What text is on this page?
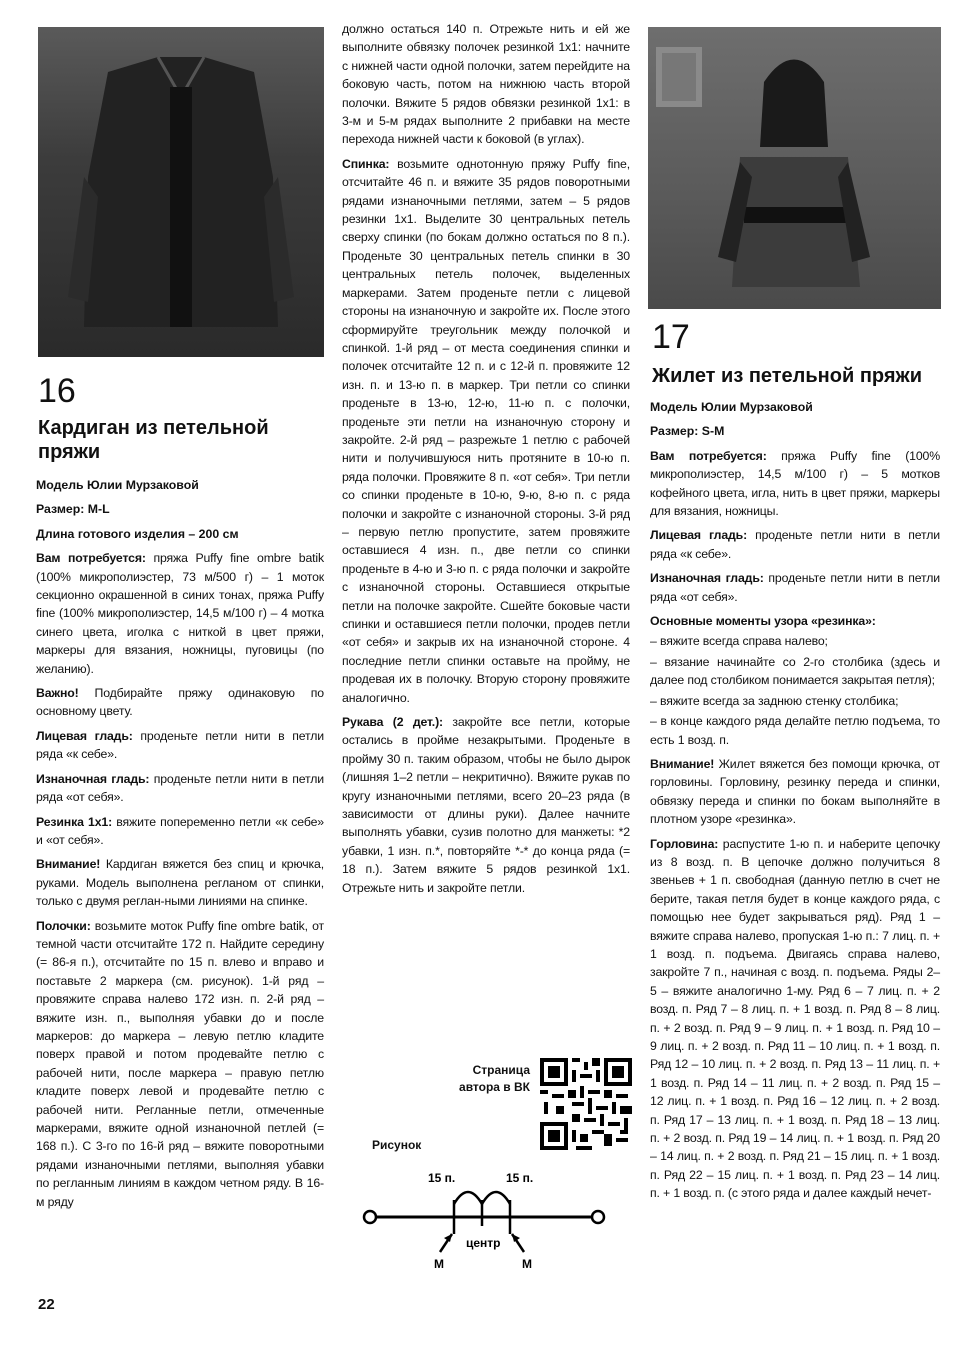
16
Кардиган из петельной пряжи
Модель Юлии Мурзаковой
Размер: M-L
Длина готового изделия – 200 см

Вам потребуется: пряжа Puffy fine ombre batik (100% микрополиэстер, 73 м/500 г) – 1 моток секционно окрашенной в синих тонах, пряжа Puffy fine (100% микрополиэстер, 14,5 м/100 г) – 4 мотка синего цвета, иголка с ниткой в цвет пряжи, маркеры для вязания, ножницы, пуговицы (по желанию).

Важно! Подбирайте пряжу одинаковую по основному цвету.

Лицевая гладь: проденьте петли нити в петли ряда «к себе».

Изнаночная гладь: проденьте петли нити в петли ряда «от себя».

Резинка 1х1: вяжите попеременно петли «к себе» и «от себя».

Внимание! Кардиган вяжется без спиц и крючка, руками. Модель выполнена регланом от спинки, только с двумя реглан-ными линиями на спинке.

Полочки: возьмите моток Puffy fine ombre batik, от темной части отсчитайте 172 п. Найдите середину (= 86-я п.), отсчитайте по 15 п. влево и вправо и поставьте 2 маркера (см. рисунок). 1-й ряд – провяжите справа налево 172 изн. п. 2-й ряд – вяжите изн. п., выполняя убавки до и после маркеров: до маркера – левую петлю кладите поверх правой и потом продевайте петлю с рабочей нити, после маркера – правую петлю кладите поверх левой и продевайте петлю с рабочей нити. Регланные петли, отмеченные маркерами, вяжите одной изнаночной петлей (= 168 п.). С 3-го по 16-й ряд – вяжите поворотными рядами изнаночными петлями, выполняя убавки по регланным линиям в каждом четном ряду. В 16-м ряду

должно остаться 140 п. Отрежьте нить и ей же выполните обвязку полочек резинкой 1х1: начните с нижней части одной полочки, затем перейдите на боковую часть, потом на нижнюю часть второй полочки. Вяжите 5 рядов обвязки резинкой 1х1: в 3-м и 5-м рядах выполните 2 прибавки на месте перехода нижней части к боковой (в углах).

Спинка: возьмите однотонную пряжу Puffy fine, отсчитайте 46 п. и вяжите 35 рядов поворотными рядами изнаночными петлями, затем – 5 рядов резинки 1х1. Выделите 30 центральных петель сверху спинки (по бокам должно остаться по 8 п.). Проденьте 30 центральных петель спинки в 30 центральных петель полочек, выделенных маркерами. Затем проденьте петли с лицевой стороны на изнаночную и закройте их. После этого сформируйте треугольник между полочкой и спинкой. 1-й ряд – от места соединения спинки и полочек отсчитайте 12 п. и с 12-й п. провяжите 12 изн. п. и 13-ю п. в маркер. Три петли со спинки проденьте в 13-ю, 12-ю, 11-ю п. с полочки, проденьте эти петли на изнаночную сторону и закройте. 2-й ряд – разрежьте 1 петлю с рабочей нити и получившуюся нить протяните в 10-ю п. ряда полочки. Провяжите 8 п. «от себя». Три петли со спинки проденьте в 10-ю, 9-ю, 8-ю п. с ряда полочки и закройте с изнаночной стороны. 3-й ряд – первую петлю пропустите, затем провяжите оставшиеся 4 изн. п., две петли со спинки проденьте в 4-ю и 3-ю п. с ряда полочки и закройте с изнаночной стороны. Оставшиеся открытые петли на полочке закройте. Сшейте боковые части спинки и оставшиеся петли полочки, продев петли «от себя» и закрыв их на изнаночной стороне. 4 последние петли спинки оставьте на пройму, не продевая их в полочку. Вторую сторону провяжите аналогично.

Рукава (2 дет.): закройте все петли, которые остались в пройме незакрытыми. Проденьте в пройму 30 п. таким образом, чтобы не было дырок (лишняя 1–2 петли – некритично). Вяжите рукав по кругу изнаночными петлями, всего 20–23 ряда (в зависимости от длины руки). Далее начните выполнять убавки, сузив полотно для манжеты: *2 убавки, 1 изн. п.*, повторяйте *-* до конца ряда (= 18 п.). Затем вяжите 5 рядов резинкой 1х1. Отрежьте нить и закройте петли.

Страница автора в ВК
Рисунок
15 п.	15 п.
центр
М	М
17
Жилет из петельной пряжи
Модель Юлии Мурзаковой
Размер: S-M

Вам потребуется: пряжа Puffy fine (100% микрополиэстер, 14,5 м/100 г) – 5 мотков кофейного цвета, игла, нить в цвет пряжи, маркеры для вязания, ножницы.

Лицевая гладь: проденьте петли нити в петли ряда «к себе».

Изнаночная гладь: проденьте петли нити в петли ряда «от себя».

Основные моменты узора «резинка»:

– вяжите всегда справа налево;

– вязание начинайте со 2-го столбика (здесь и далее под столбиком понимается закрытая петля);

– вяжите всегда за заднюю стенку столбика;

– в конце каждого ряда делайте петлю подъема, то есть 1 возд. п.

Внимание! Жилет вяжется без помощи крючка, от горловины. Горловину, резинку переда и спинки, обвязку переда и спинки по бокам выполняйте в плотном узоре «резинка».

Горловина: распустите 1-ю п. и наберите цепочку из 8 возд. п. В цепочке должно получиться 8 звеньев + 1 п. свободная (данную петлю в счет не берите, такая петля будет в конце каждого ряда, с помощью нее будет закрываться ряд). Ряд 1 – вяжите справа налево, пропуская 1-ю п.: 7 лиц. п. + 1 возд. п. подъема. Двигаясь справа налево, закройте 7 п., начиная с возд. п. подъема. Ряды 2–5 – вяжите аналогично 1-му. Ряд 6 – 7 лиц. п. + 2 возд. п. Ряд 7 – 8 лиц. п. + 1 возд. п. Ряд 8 – 8 лиц. п. + 2 возд. п. Ряд 9 – 9 лиц. п. + 1 возд. п. Ряд 10 – 9 лиц. п. + 2 возд. п. Ряд 11 – 10 лиц. п. + 1 возд. п. Ряд 12 – 10 лиц. п. + 2 возд. п. Ряд 13 – 11 лиц. п. + 1 возд. п. Ряд 14 – 11 лиц. п. + 2 возд. п. Ряд 15 – 12 лиц. п. + 1 возд. п. Ряд 16 – 12 лиц. п. + 2 возд. п. Ряд 17 – 13 лиц. п. + 1 возд. п. Ряд 18 – 13 лиц. п. + 2 возд. п. Ряд 19 – 14 лиц. п. + 1 возд. п. Ряд 20 – 14 лиц. п. + 2 возд. п. Ряд 21 – 15 лиц. п. + 1 возд. п. Ряд 22 – 15 лиц. п. + 1 возд. п. Ряд 23 – 14 лиц. п. + 1 возд. п. (с этого ряда и далее каждый нечет-

22
